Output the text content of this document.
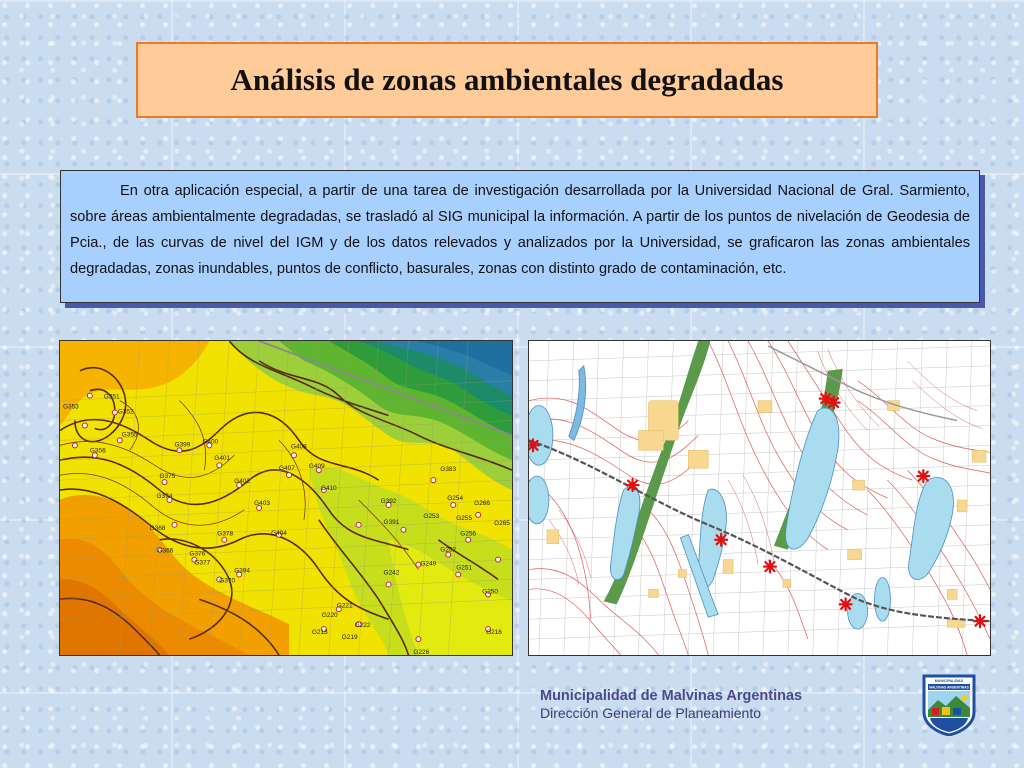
Análisis de zonas ambientales degradadas

En otra aplicación especial, a partir de una tarea de investigación desarrollada por la Universidad Nacional de Gral. Sarmiento, sobre áreas ambientalmente degradadas, se trasladó al SIG municipal la información. A partir de los puntos de nivelación de Geodesia de Pcia., de las curvas de nivel del IGM y de los datos relevados y analizados por la Universidad, se graficaron las zonas ambientales degradadas, zonas inundables, puntos de conflicto, basurales, zonas con distinto grado de contaminación, etc.

G351
G352
G353
G355
G356
G399 G400
G401
G402
G403
G404
G408
G407 G409
G410
G375
G374
G378
G376
G377
G368
G366
G394
G370
G392
G391
G383
G254
G253	G255
G266
G256
G252
G249
G251
G250
G242
G221
G222
G220
G219
G213	G216
G265
G226
Municipalidad de Malvinas Argentinas
Dirección General de Planeamiento
MUNICIPALIDAD
MALVINAS ARGENTINAS
